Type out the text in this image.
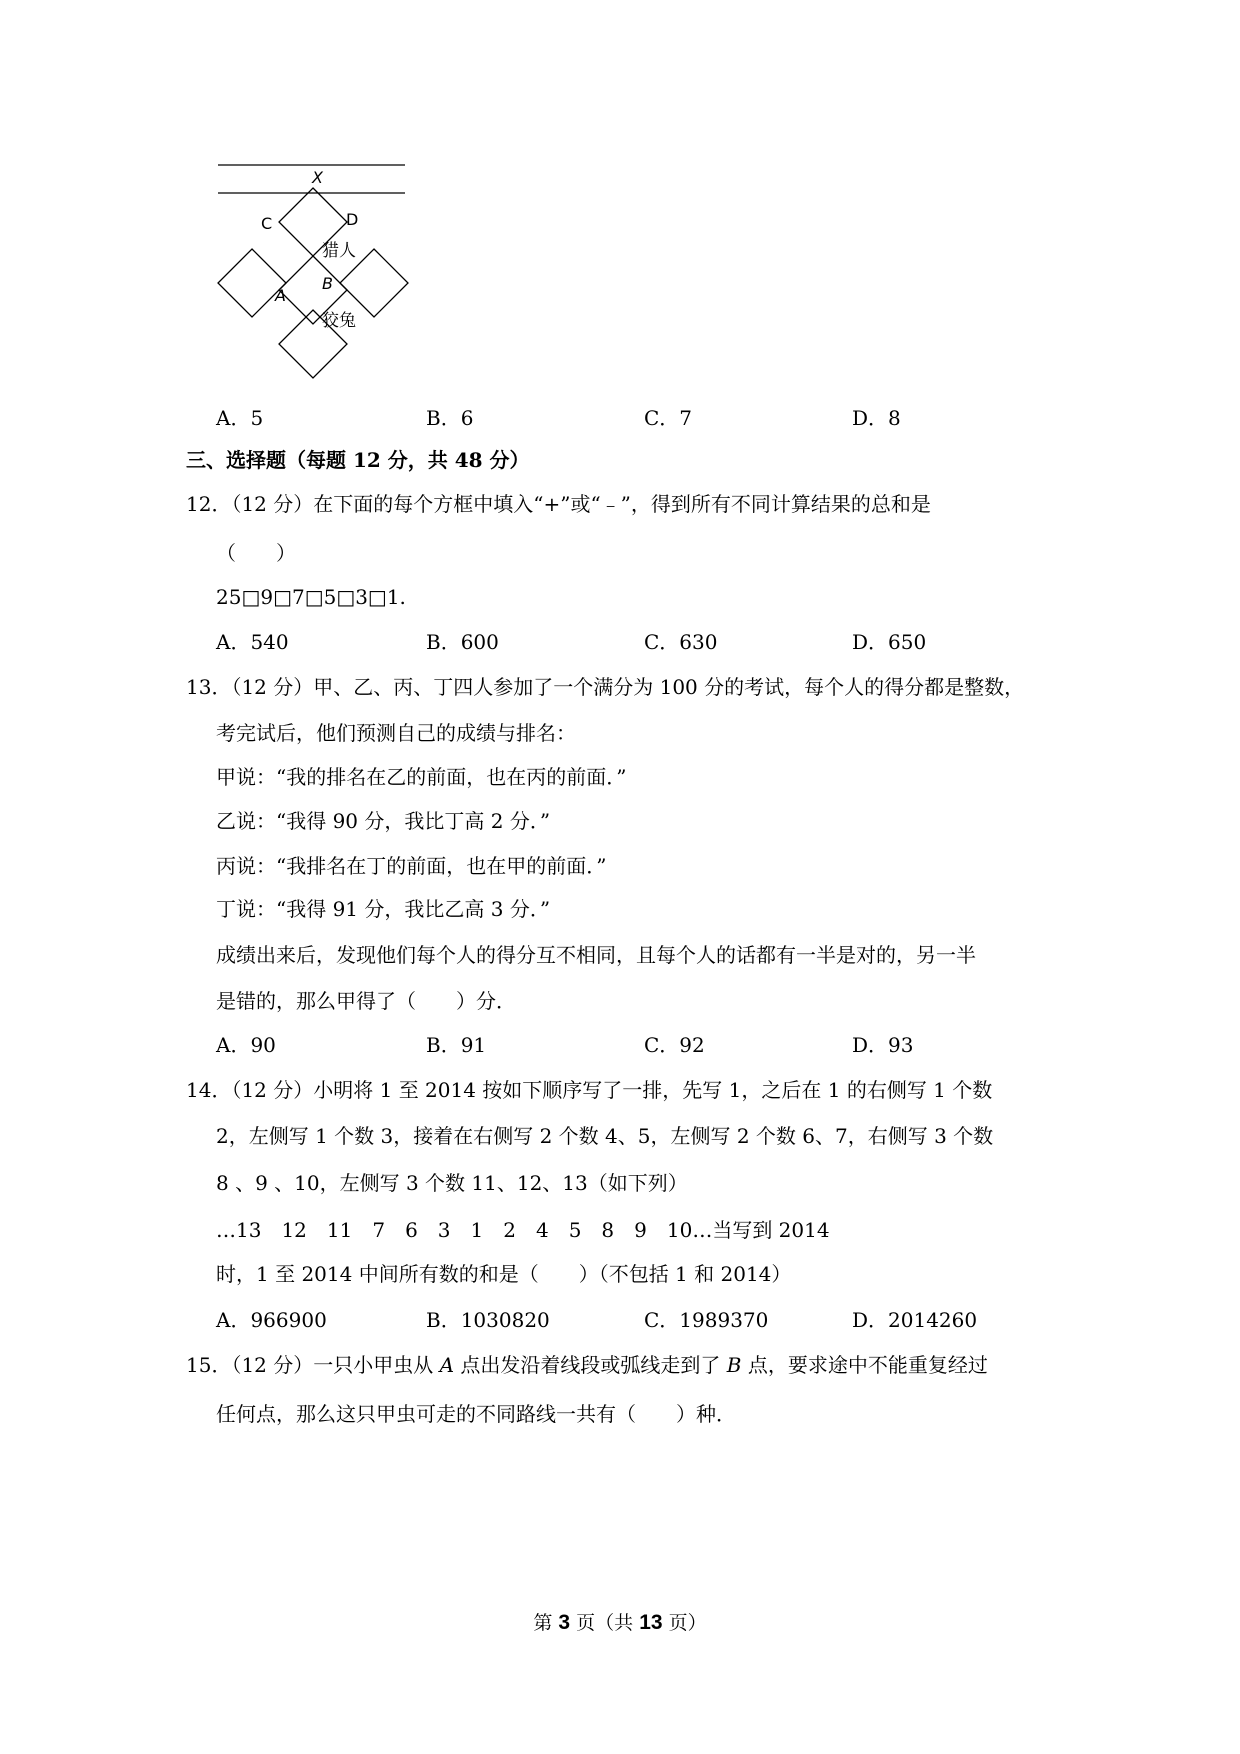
X
C	D
猎人
B
A
狡兔
A．5	B．6	C．7	D．8
三、选择题（每题 12 分，共 48 分）
12．（12 分）在下面的每个方框中填入“+”或“﹣”，得到所有不同计算结果的总和是
（　　）
25□9□7□5□3□1.
A．540	B．600	C．630	D．650
13．（12 分）甲、乙、丙、丁四人参加了一个满分为 100 分的考试，每个人的得分都是整数，
考完试后，他们预测自己的成绩与排名：
甲说：“我的排名在乙的前面，也在丙的前面．”
乙说：“我得 90 分，我比丁高 2 分．”
丙说：“我排名在丁的前面，也在甲的前面．”
丁说：“我得 91 分，我比乙高 3 分．”
成绩出来后，发现他们每个人的得分互不相同，且每个人的话都有一半是对的，另一半
是错的，那么甲得了（　　）分．
A．90	B．91	C．92	D．93
14．（12 分）小明将 1 至 2014 按如下顺序写了一排，先写 1，之后在 1 的右侧写 1 个数
2，左侧写 1 个数 3，接着在右侧写 2 个数 4、5，左侧写 2 个数 6、7，右侧写 3 个数
8 、9 、10，左侧写 3 个数 11、12、13（如下列）
…13　12　11　7　6　3　1　2　4　5　8　9　10…当写到 2014
时，1 至 2014 中间所有数的和是（　　）（不包括 1 和 2014）
A．966900	B．1030820	C．1989370	D．2014260
15．（12 分）一只小甲虫从 A 点出发沿着线段或弧线走到了 B 点，要求途中不能重复经过
任何点，那么这只甲虫可走的不同路线一共有（　　）种．
第 3 页（共 13 页）
